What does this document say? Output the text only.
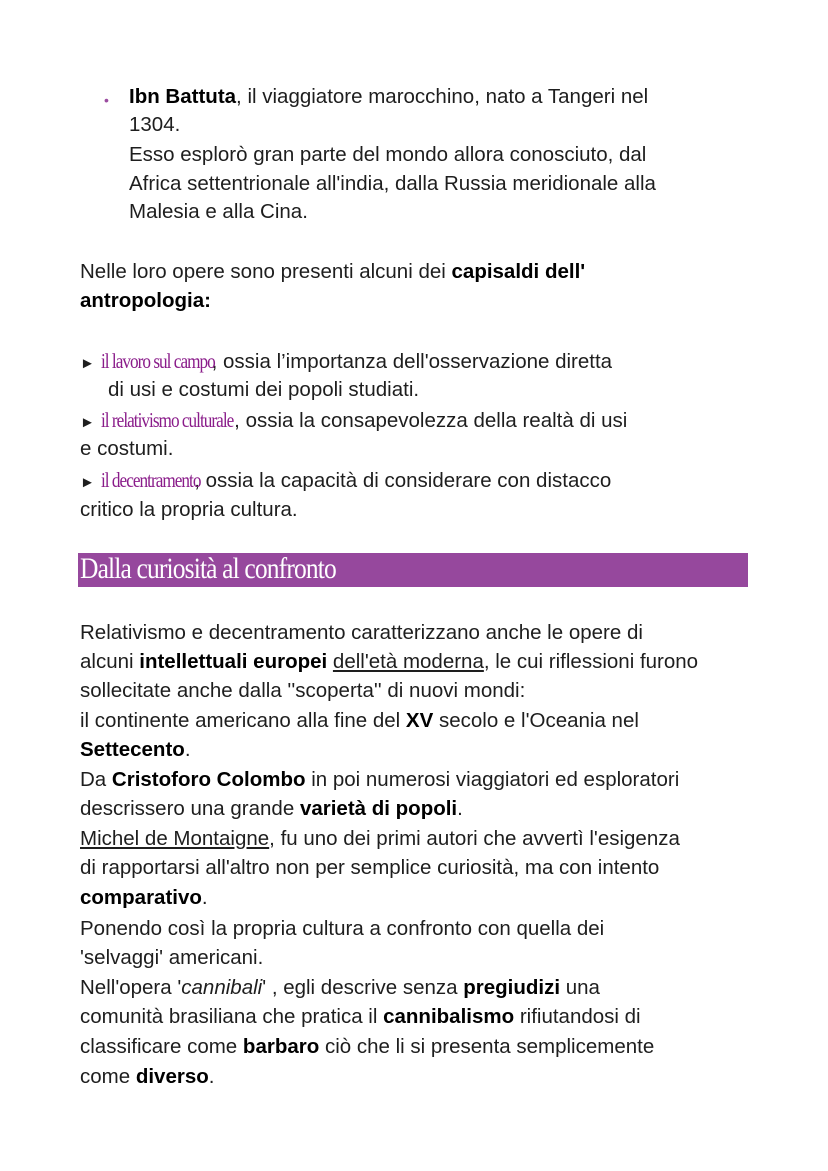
•
Dalla curiosità al confronto
Ibn Battuta, il viaggiatore marocchino, nato a Tangeri nel
1304.
Esso esplorò gran parte del mondo allora conosciuto, dal
Africa settentrionale all'india, dalla Russia meridionale alla
Malesia e alla Cina.
Nelle loro opere sono presenti alcuni dei capisaldi dell'
antropologia:
► il lavoro sul campo, ossia l’importanza dell'osservazione diretta
di usi e costumi dei popoli studiati.
► il relativismo culturale, ossia la consapevolezza della realtà di usi
e costumi.
► il decentramento, ossia la capacità di considerare con distacco
critico la propria cultura.
Relativismo e decentramento caratterizzano anche le opere di
alcuni intellettuali europei dell'età moderna, le cui riflessioni furono
sollecitate anche dalla ''scoperta'' di nuovi mondi:
il continente americano alla fine del XV secolo e l'Oceania nel
Settecento.
Da Cristoforo Colombo in poi numerosi viaggiatori ed esploratori
descrissero una grande varietà di popoli.
Michel de Montaigne, fu uno dei primi autori che avvertì l'esigenza
di rapportarsi all'altro non per semplice curiosità, ma con intento
comparativo.
Ponendo così la propria cultura a confronto con quella dei
'selvaggi' americani.
Nell'opera 'cannibali' , egli descrive senza pregiudizi una
comunità brasiliana che pratica il cannibalismo rifiutandosi di
classificare come barbaro ciò che li si presenta semplicemente
come diverso.
